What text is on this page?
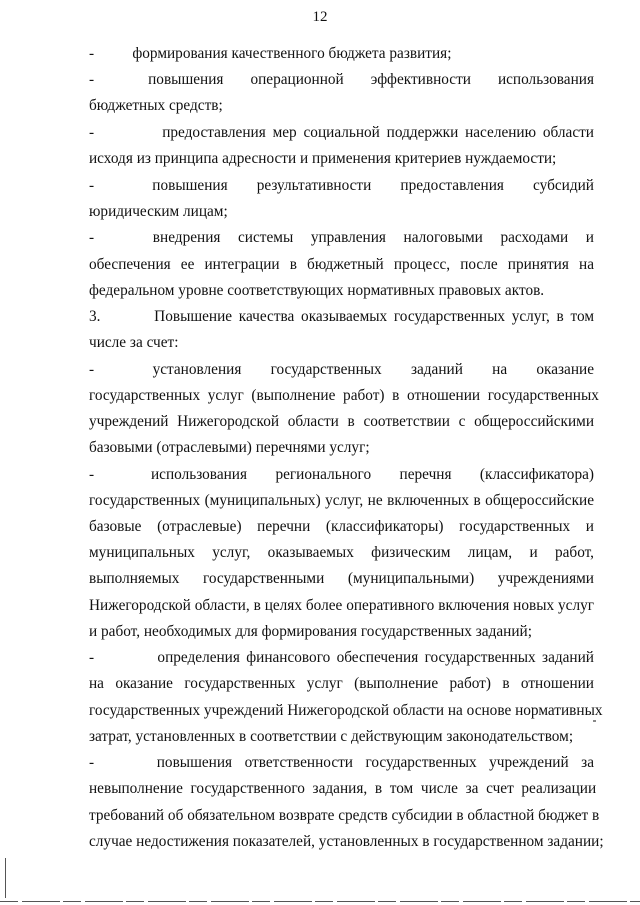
12
-          формирования качественного бюджета развития;
-          повышения     операционной     эффективности     использования
бюджетных средств;
-          предоставления мер социальной поддержки населению области
исходя из принципа адресности и применения критериев нуждаемости;
-          повышения     результативности     предоставления     субсидий
юридическим лицам;
-          внедрения   системы   управления   налоговыми   расходами   и
обеспечения  ее  интеграции  в  бюджетный  процесс,  после  принятия  на
федеральном уровне соответствующих нормативных правовых актов.
3.        Повышение качества оказываемых государственных услуг, в том
числе за счет:
-          установления     государственных     заданий     на     оказание
государственных  услуг  (выполнение  работ)  в  отношении  государственных
учреждений  Нижегородской  области  в  соответствии  с  общероссийскими
базовыми (отраслевыми) перечнями услуг;
-          использования     регионального     перечня     (классификатора)
государственных (муниципальных) услуг, не включенных в общероссийские
базовые    (отраслевые)    перечни    (классификаторы)    государственных    и
муниципальных    услуг,    оказываемых    физическим    лицам,    и    работ,
выполняемых     государственными     (муниципальными)     учреждениями
Нижегородской области, в целях более оперативного включения новых услуг
и работ, необходимых для формирования государственных заданий;
-          определения финансового обеспечения государственных заданий
на  оказание  государственных  услуг  (выполнение  работ)  в  отношении
государственных учреждений Нижегородской области на основе нормативных
затрат, установленных в соответствии с действующим законодательством;
-          повышения  ответственности  государственных  учреждений  за
невыполнение  государственного  задания,  в  том  числе  за  счет  реализации
требований об обязательном возврате средств субсидии в областной бюджет в
случае недостижения показателей, установленных в государственном задании;
